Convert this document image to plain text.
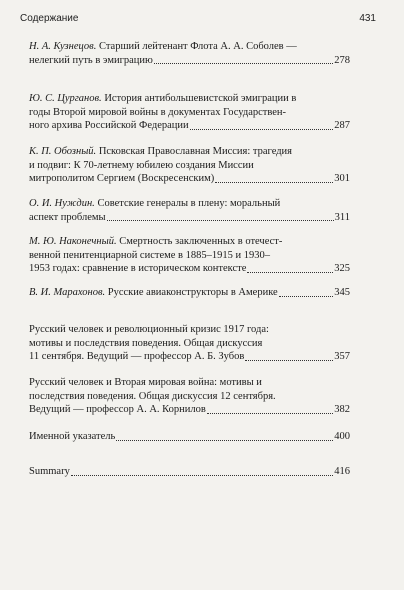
Содержание	431
Н. А. Кузнецов. Старший лейтенант Флота А. А. Соболев —
нелегкий путь в эмиграцию	278
Ю. С. Цурганов. История антибольшевистской эмиграции в
годы Второй мировой войны в документах Государствен-
ного архива Российской Федерации	287
К. П. Обозный. Псковская Православная Миссия: трагедия
и подвиг: К 70-летнему юбилею создания Миссии
митрополитом Сергием (Воскресенским)	301
О. И. Нуждин. Советские генералы в плену: моральный
аспект проблемы	311
М. Ю. Наконечный. Смертность заключенных в отечест-
венной пенитенциарной системе в 1885–1915 и 1930–
1953 годах: сравнение в историческом контексте	325
В. И. Марахонов. Русские авиаконструкторы в Америке	345
Русский человек и революционный кризис 1917 года:
мотивы и последствия поведения. Общая дискуссия
11 сентября. Ведущий — профессор А. Б. Зубов	357
Русский человек и Вторая мировая война: мотивы и
последствия поведения. Общая дискуссия 12 сентября.
Ведущий — профессор А. А. Корнилов	382
Именной указатель	400
Summary	416
